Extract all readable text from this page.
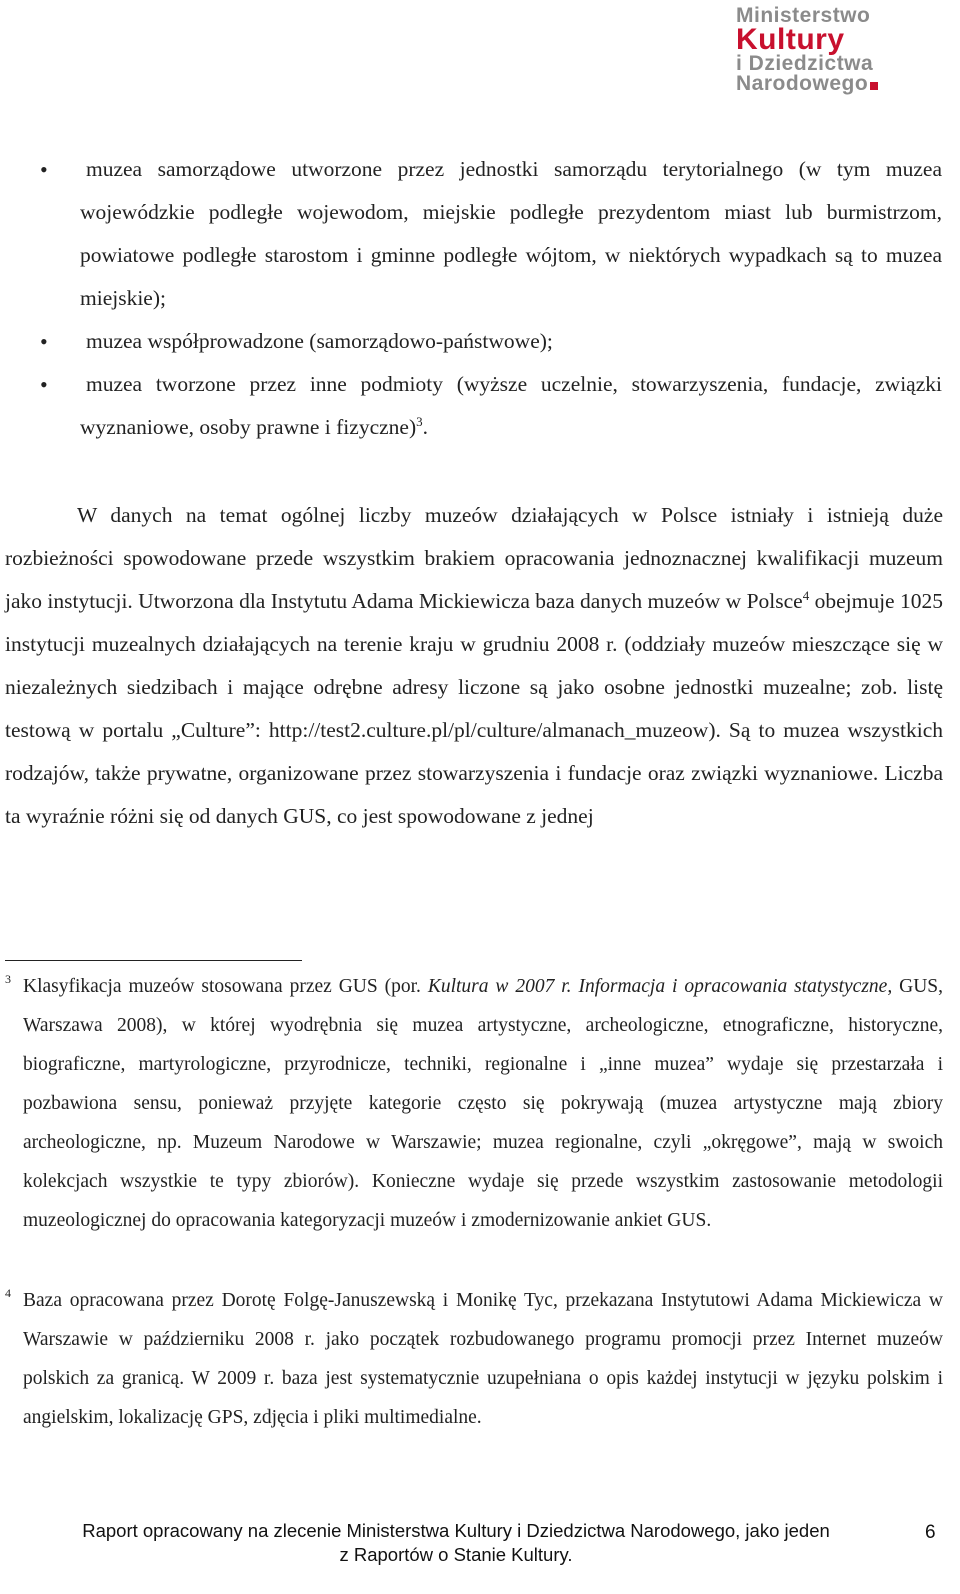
Ministerstwo
Kultury
i Dziedzictwa
Narodowego
• muzea samorządowe utworzone przez jednostki samorządu terytorialnego (w tym muzea wojewódzkie podległe wojewodom, miejskie podległe prezydentom miast lub burmistrzom, powiatowe podległe starostom i gminne podległe wójtom, w niektórych wypadkach są to muzea miejskie);
• muzea współprowadzone (samorządowo-państwowe);
• muzea tworzone przez inne podmioty (wyższe uczelnie, stowarzyszenia, fundacje, związki wyznaniowe, osoby prawne i fizyczne)$^3$.
W danych na temat ogólnej liczby muzeów działających w Polsce istniały i istnieją duże rozbieżności spowodowane przede wszystkim brakiem opracowania jednoznacznej kwalifikacji muzeum jako instytucji. Utworzona dla Instytutu Adama Mickiewicza baza danych muzeów w Polsce$^4$ obejmuje 1025 instytucji muzealnych działających na terenie kraju w grudniu 2008 r. (oddziały muzeów mieszczące się w niezależnych siedzibach i mające odrębne adresy liczone są jako osobne jednostki muzealne; zob. listę testową w portalu „Culture”: http://test2.culture.pl/pl/culture/almanach_muzeow). Są to muzea wszystkich rodzajów, także prywatne, organizowane przez stowarzyszenia i fundacje oraz związki wyznaniowe. Liczba ta wyraźnie różni się od danych GUS, co jest spowodowane z jednej
3 Klasyfikacja muzeów stosowana przez GUS (por. Kultura w 2007 r. Informacja i opracowania statystyczne, GUS, Warszawa 2008), w której wyodrębnia się muzea artystyczne, archeologiczne, etnograficzne, historyczne, biograficzne, martyrologiczne, przyrodnicze, techniki, regionalne i „inne muzea” wydaje się przestarzała i pozbawiona sensu, ponieważ przyjęte kategorie często się pokrywają (muzea artystyczne mają zbiory archeologiczne, np. Muzeum Narodowe w Warszawie; muzea regionalne, czyli „okręgowe”, mają w swoich kolekcjach wszystkie te typy zbiorów). Konieczne wydaje się przede wszystkim zastosowanie metodologii muzeologicznej do opracowania kategoryzacji muzeów i zmodernizowanie ankiet GUS.
4 Baza opracowana przez Dorotę Folgę-Januszewską i Monikę Tyc, przekazana Instytutowi Adama Mickiewicza w Warszawie w październiku 2008 r. jako początek rozbudowanego programu promocji przez Internet muzeów polskich za granicą. W 2009 r. baza jest systematycznie uzupełniana o opis każdej instytucji w języku polskim i angielskim, lokalizację GPS, zdjęcia i pliki multimedialne.
Raport opracowany na zlecenie Ministerstwa Kultury i Dziedzictwa Narodowego, jako jeden
z Raportów o Stanie Kultury.
6
